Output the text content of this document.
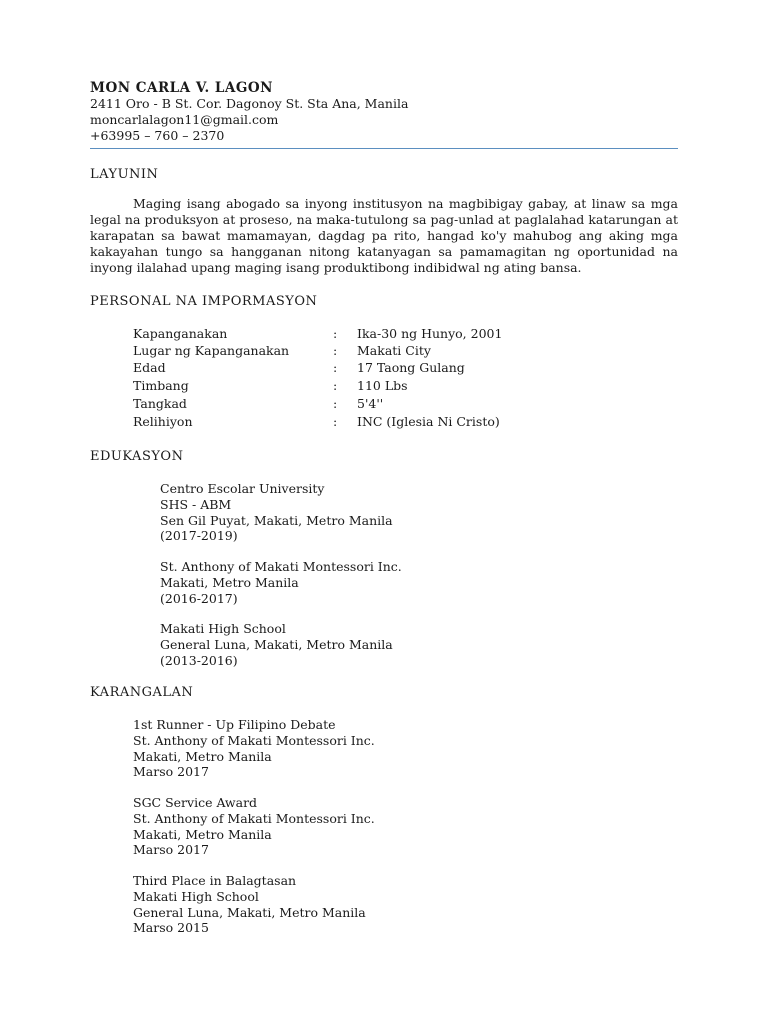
MON CARLA V. LAGON

2411 Oro - B St. Cor. Dagonoy St. Sta Ana, Manila

moncarlalagon11@gmail.com

+63995 – 760 – 2370

LAYUNIN

Maging isang abogado sa inyong institusyon na magbibigay gabay, at linaw sa mga legal na produksyon at proseso, na maka-tutulong sa pag-unlad at paglalahad katarungan at karapatan sa bawat mamamayan, dagdag pa rito, hangad ko'y mahubog ang aking mga kakayahan tungo sa hangganan nitong katanyagan sa pamamagitan ng oportunidad na inyong ilalahad upang maging isang produktibong indibidwal ng ating bansa.

PERSONAL NA IMPORMASYON

Kapanganakan	: Ika-30 ng Hunyo, 2001
Lugar ng Kapanganakan	: Makati City
Edad	: 17 Taong Gulang
Timbang	: 110 Lbs
Tangkad	: 5'4''
Relihiyon	: INC (Iglesia Ni Cristo)

EDUKASYON

Centro Escolar University
SHS - ABM
Sen Gil Puyat, Makati, Metro Manila
(2017-2019)
St. Anthony of Makati Montessori Inc.
Makati, Metro Manila
(2016-2017)
Makati High School
General Luna, Makati, Metro Manila
(2013-2016)

KARANGALAN

1st Runner - Up Filipino Debate
St. Anthony of Makati Montessori Inc.
Makati, Metro Manila
Marso 2017
SGC Service Award
St. Anthony of Makati Montessori Inc.
Makati, Metro Manila
Marso 2017
Third Place in Balagtasan
Makati High School
General Luna, Makati, Metro Manila
Marso 2015
